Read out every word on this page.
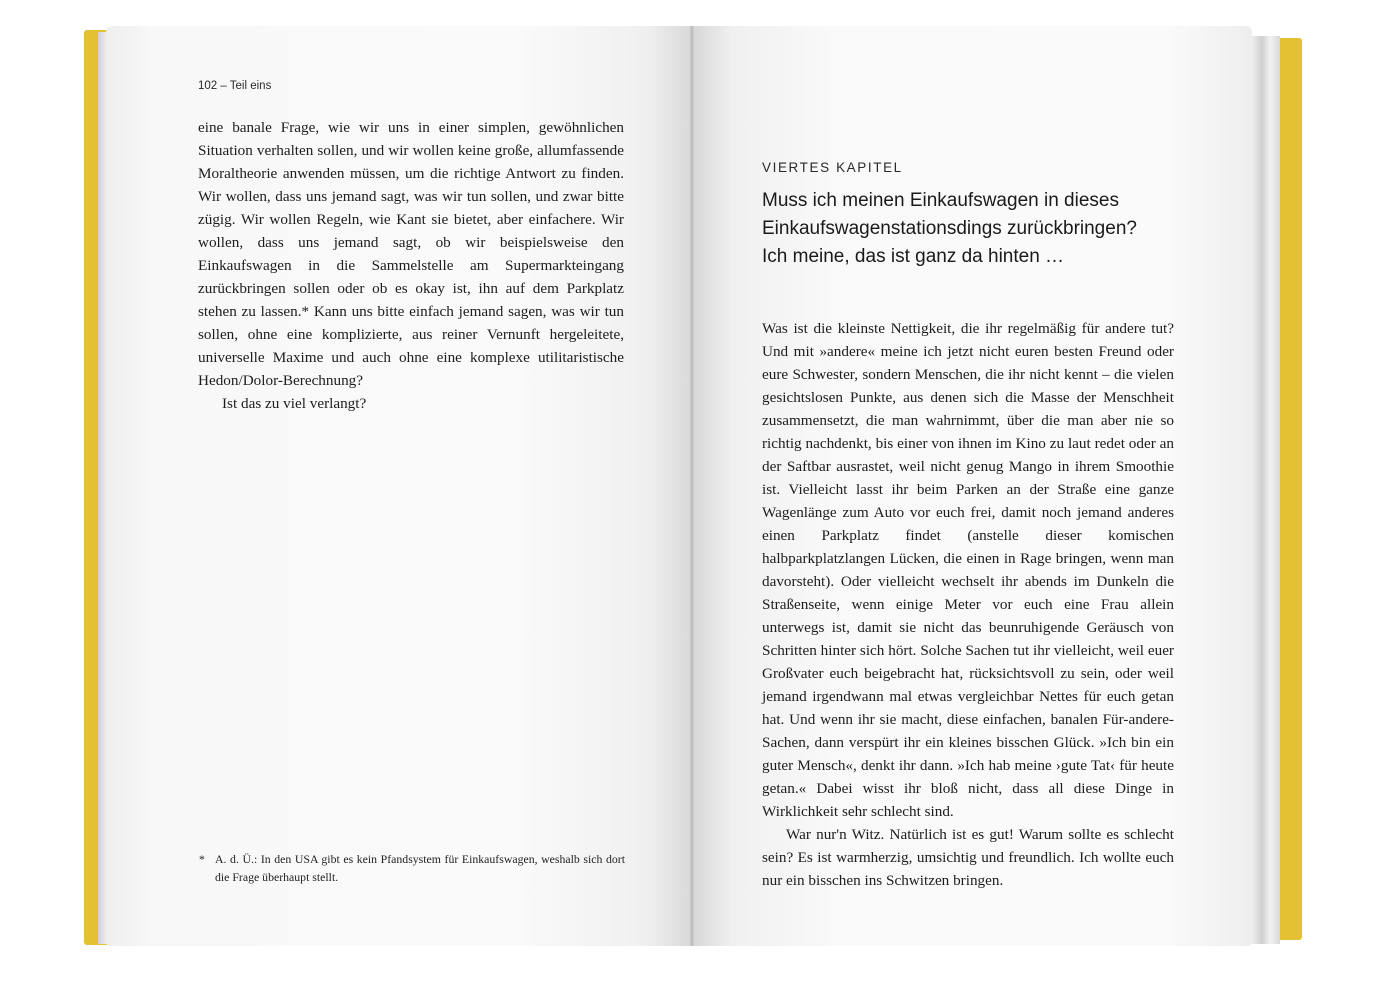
102 – Teil eins

eine banale Frage, wie wir uns in einer simplen, gewöhnlichen Situation verhalten sollen, und wir wollen keine große, allumfassende Moraltheorie anwenden müssen, um die richtige Antwort zu finden. Wir wollen, dass uns jemand sagt, was wir tun sollen, und zwar bitte zügig. Wir wollen Regeln, wie Kant sie bietet, aber einfachere. Wir wollen, dass uns jemand sagt, ob wir beispielsweise den Einkaufswagen in die Sammelstelle am Supermarkteingang zurückbringen sollen oder ob es okay ist, ihn auf dem Parkplatz stehen zu lassen.* Kann uns bitte einfach jemand sagen, was wir tun sollen, ohne eine komplizierte, aus reiner Vernunft hergeleitete, universelle Maxime und auch ohne eine komplexe utilitaristische Hedon/Dolor-Berechnung?

Ist das zu viel verlangt?

* A. d. Ü.: In den USA gibt es kein Pfandsystem für Einkaufswagen, weshalb sich dort die Frage überhaupt stellt.
VIERTES KAPITEL
Muss ich meinen Einkaufswagen in dieses
Einkaufswagenstationsdings zurückbringen?
Ich meine, das ist ganz da hinten …

Was ist die kleinste Nettigkeit, die ihr regelmäßig für andere tut? Und mit »andere« meine ich jetzt nicht euren besten Freund oder eure Schwester, sondern Menschen, die ihr nicht kennt – die vielen gesichtslosen Punkte, aus denen sich die Masse der Menschheit zusammensetzt, die man wahrnimmt, über die man aber nie so richtig nachdenkt, bis einer von ihnen im Kino zu laut redet oder an der Saftbar ausrastet, weil nicht genug Mango in ihrem Smoothie ist. Vielleicht lasst ihr beim Parken an der Straße eine ganze Wagenlänge zum Auto vor euch frei, damit noch jemand anderes einen Parkplatz findet (anstelle dieser komischen halbparkplatzlangen Lücken, die einen in Rage bringen, wenn man davorsteht). Oder vielleicht wechselt ihr abends im Dunkeln die Straßenseite, wenn einige Meter vor euch eine Frau allein unterwegs ist, damit sie nicht das beunruhigende Geräusch von Schritten hinter sich hört. Solche Sachen tut ihr vielleicht, weil euer Großvater euch beigebracht hat, rücksichtsvoll zu sein, oder weil jemand irgendwann mal etwas vergleichbar Nettes für euch getan hat. Und wenn ihr sie macht, diese einfachen, banalen Für-andere-Sachen, dann verspürt ihr ein kleines bisschen Glück. »Ich bin ein guter Mensch«, denkt ihr dann. »Ich hab meine ›gute Tat‹ für heute getan.« Dabei wisst ihr bloß nicht, dass all diese Dinge in Wirklichkeit sehr schlecht sind.

War nur'n Witz. Natürlich ist es gut! Warum sollte es schlecht sein? Es ist warmherzig, umsichtig und freundlich. Ich wollte euch nur ein bisschen ins Schwitzen bringen.
